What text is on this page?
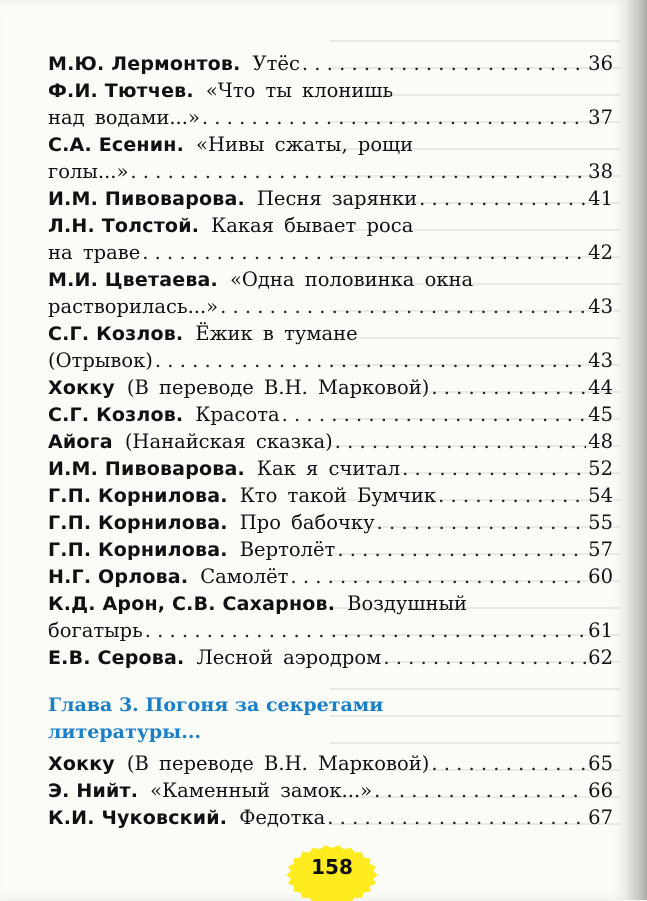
М.Ю. Лермонтов. Утёс . . .	36
Ф.И. Тютчев. «Что ты клонишь
над водами...» . . .	37
С.А. Есенин. «Нивы сжаты, рощи
голы...» . . .	38
И.М. Пивоварова. Песня зарянки . . .	41
Л.Н. Толстой. Какая бывает роса
на траве . . .	42
М.И. Цветаева. «Одна половинка окна
растворилась...» . . .	43
С.Г. Козлов. Ёжик в тумане
(Отрывок) . . .	43
Хокку (В переводе В.Н. Марковой) . . .	44
С.Г. Козлов. Красота . . .	45
Айога (Нанайская сказка) . . .	48
И.М. Пивоварова. Как я считал . . .	52
Г.П. Корнилова. Кто такой Бумчик . . .	54
Г.П. Корнилова. Про бабочку . . .	55
Г.П. Корнилова. Вертолёт . . .	57
Н.Г. Орлова. Самолёт . . .	60
К.Д. Арон, С.В. Сахарнов. Воздушный
богатырь . . .	61
Е.В. Серова. Лесной аэродром . . .	62
Глава 3. Погоня за секретами
литературы...
Хокку (В переводе В.Н. Марковой) . . .	65
Э. Нийт. «Каменный замок...» . . .	66
К.И. Чуковский. Федотка . . .	67
158
